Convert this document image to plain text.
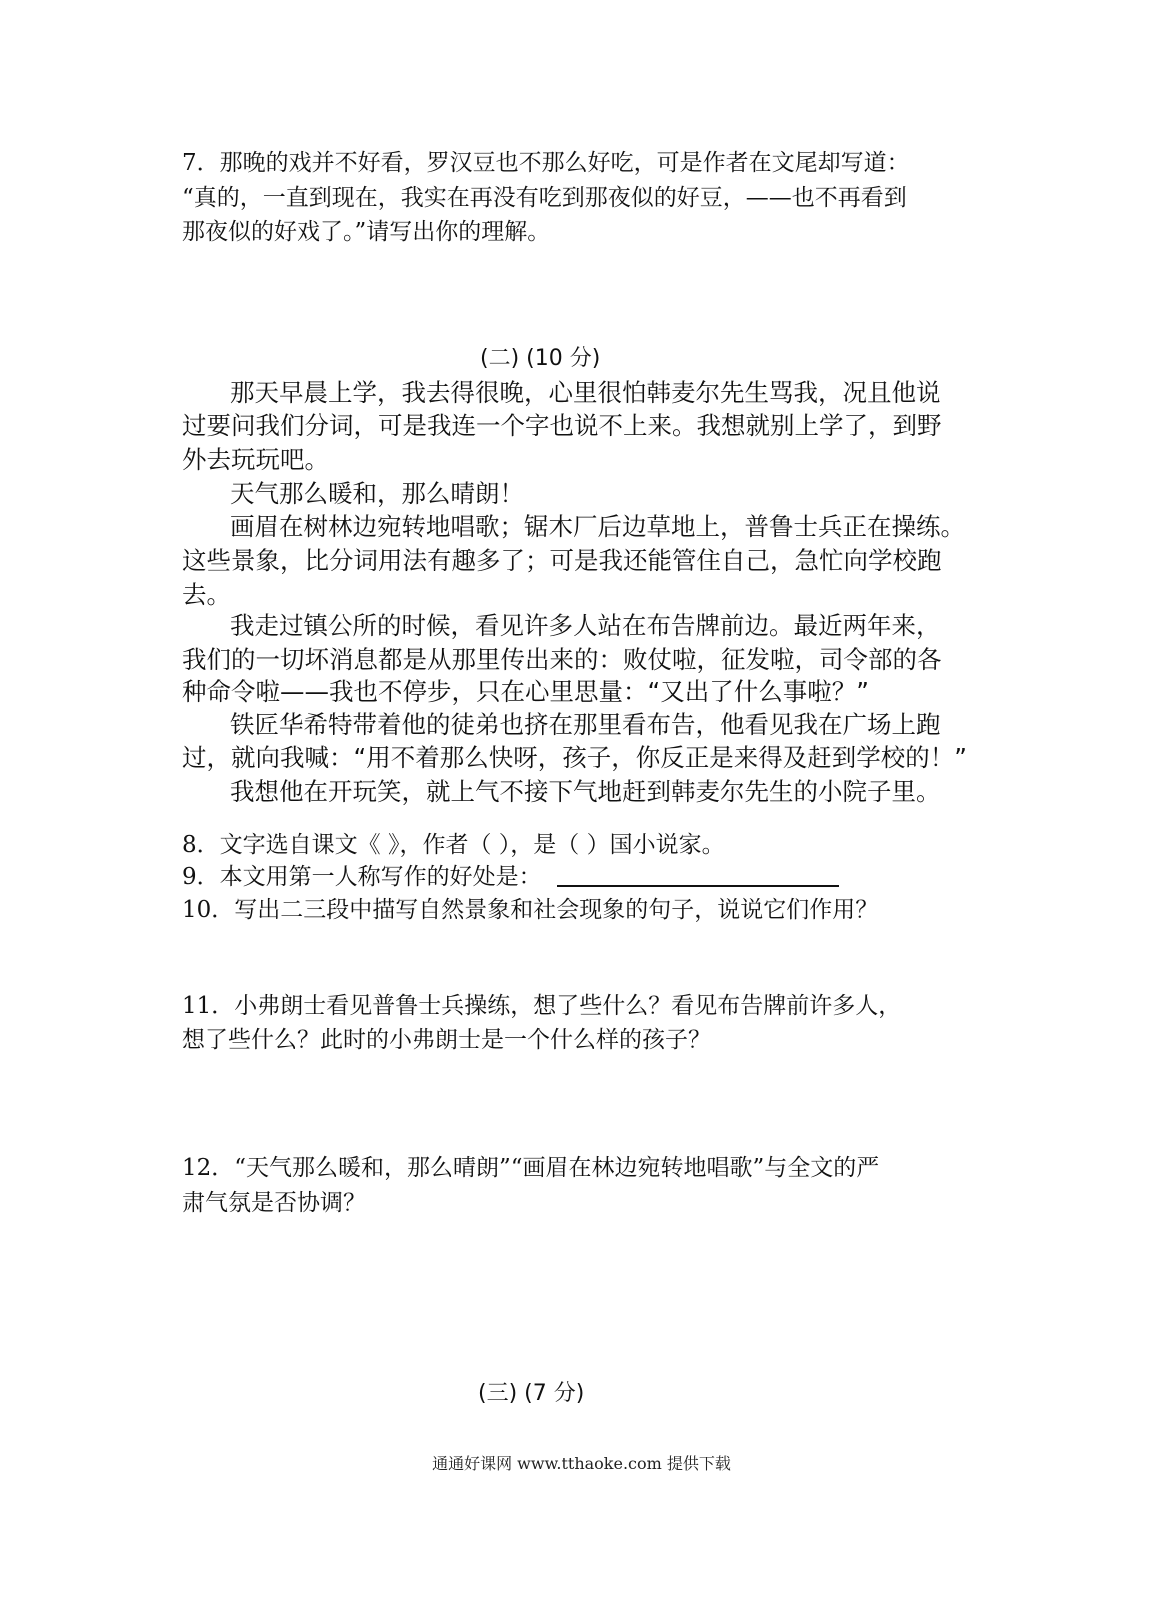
7．那晚的戏并不好看，罗汉豆也不那么好吃，可是作者在文尾却写道：
“真的，一直到现在，我实在再没有吃到那夜似的好豆，——也不再看到
那夜似的好戏了。”请写出你的理解。
(二) (10 分)
那天早晨上学，我去得很晚，心里很怕韩麦尔先生骂我，况且他说
过要问我们分词，可是我连一个字也说不上来。我想就别上学了，到野
外去玩玩吧。
天气那么暖和，那么晴朗！
画眉在树林边宛转地唱歌；锯木厂后边草地上，普鲁士兵正在操练。
这些景象，比分词用法有趣多了；可是我还能管住自己，急忙向学校跑
去。
我走过镇公所的时候，看见许多人站在布告牌前边。最近两年来，
我们的一切坏消息都是从那里传出来的：败仗啦，征发啦，司令部的各
种命令啦——我也不停步，只在心里思量：“又出了什么事啦？”
铁匠华希特带着他的徒弟也挤在那里看布告，他看见我在广场上跑
过，就向我喊：“用不着那么快呀，孩子，你反正是来得及赶到学校的！”
我想他在开玩笑，就上气不接下气地赶到韩麦尔先生的小院子里。
8．文字选自课文《 》，作者（ ），是（ ）国小说家。
9．本文用第一人称写作的好处是：
10．写出二三段中描写自然景象和社会现象的句子，说说它们作用？
11．小弗朗士看见普鲁士兵操练，想了些什么？看见布告牌前许多人，
想了些什么？此时的小弗朗士是一个什么样的孩子？
12．“天气那么暖和，那么晴朗”“画眉在林边宛转地唱歌”与全文的严
肃气氛是否协调？
(三) (7 分)
通通好课网 www.tthaoke.com 提供下载
